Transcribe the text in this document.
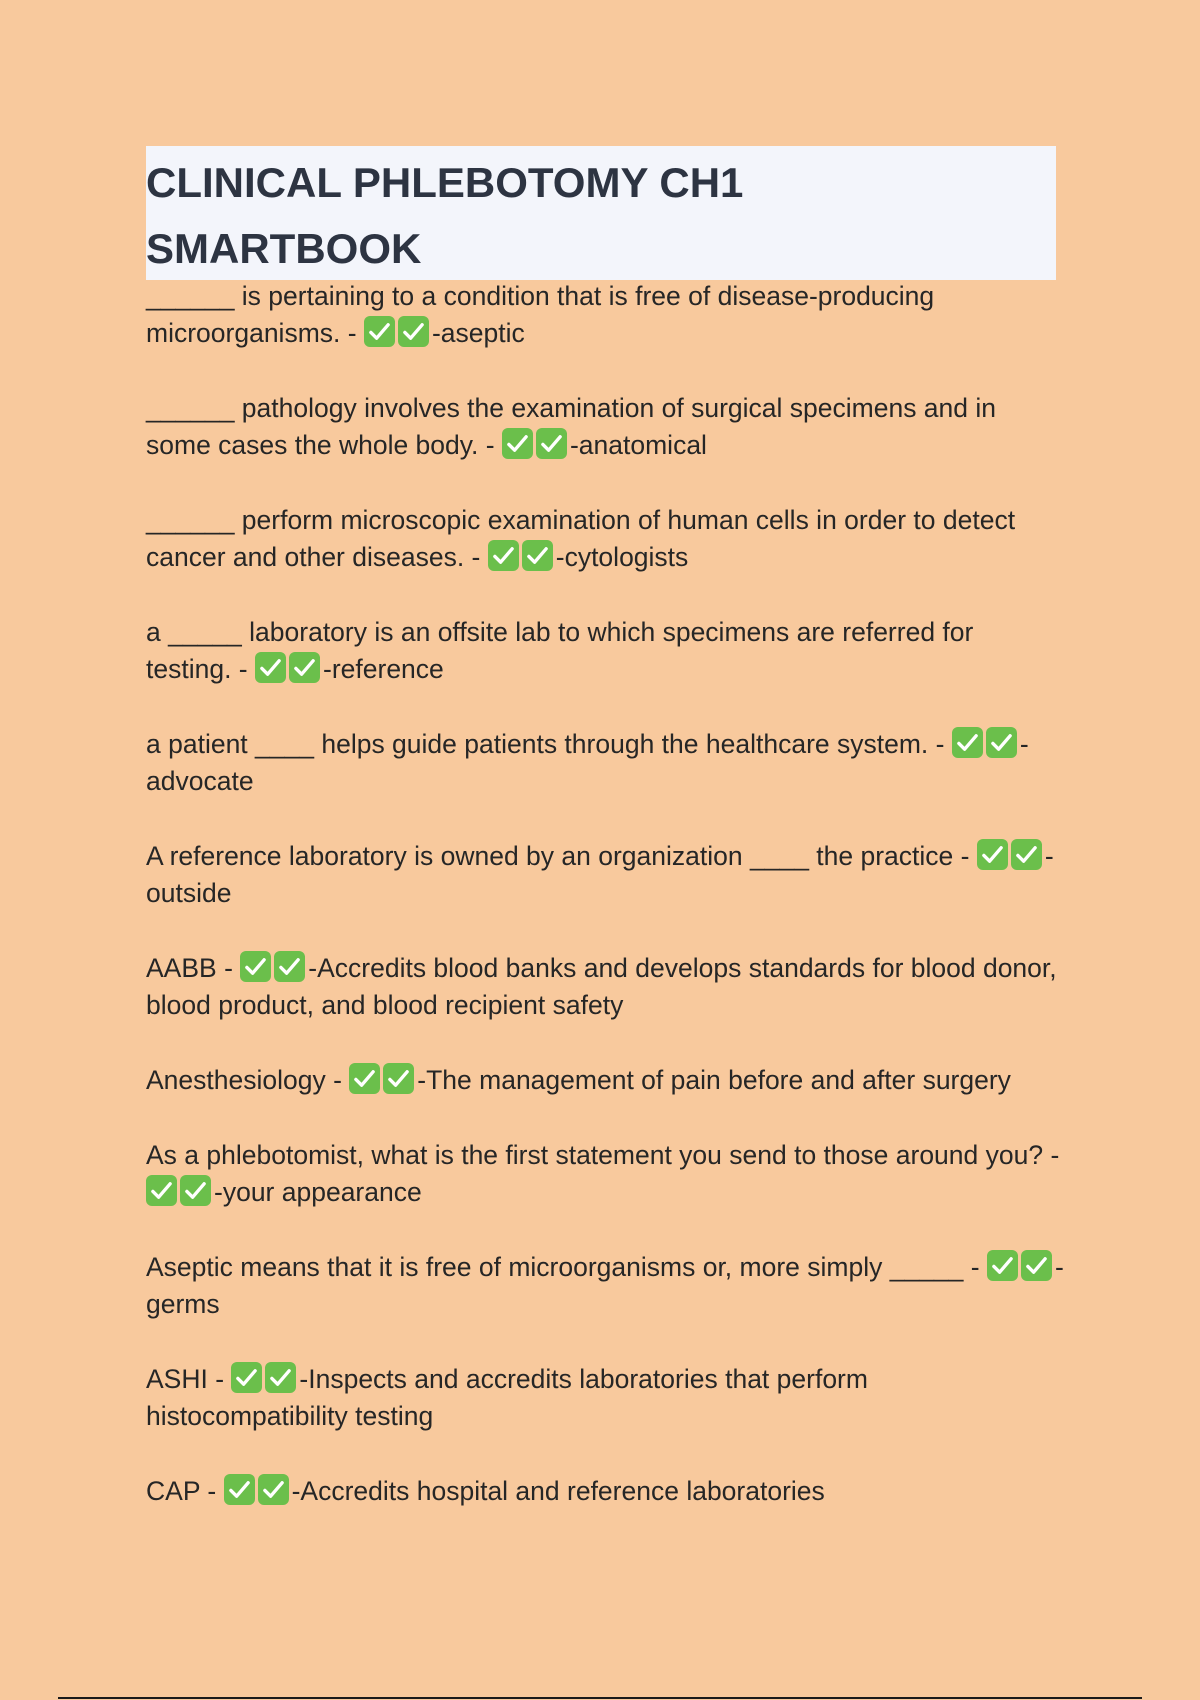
CLINICAL PHLEBOTOMY CH1
SMARTBOOK
______ is pertaining to a condition that is free of disease-producing microorganisms. -	-aseptic
______ pathology involves the examination of surgical specimens and in some cases the whole body. -	-anatomical
______ perform microscopic examination of human cells in order to detect cancer and other diseases. -	-cytologists
a _____ laboratory is an offsite lab to which specimens are referred for testing. -	-reference
a patient ____ helps guide patients through the healthcare system. -	-advocate
A reference laboratory is owned by an organization ____ the practice -	-outside
AABB -	-Accredits blood banks and develops standards for blood donor, blood product, and blood recipient safety
Anesthesiology -	-The management of pain before and after surgery
As a phlebotomist, what is the first statement you send to those around you? -
-your appearance
Aseptic means that it is free of microorganisms or, more simply _____ -	-germs
ASHI -	-Inspects and accredits laboratories that perform histocompatibility testing
CAP -	-Accredits hospital and reference laboratories
